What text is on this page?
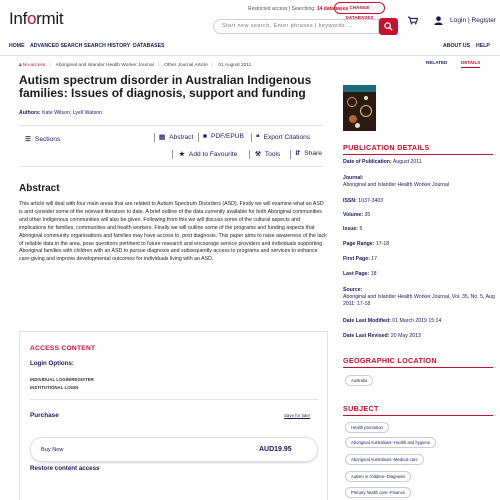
Informit	Restricted access | Searching: 14 databases CHANGE DATABASES
Start new search. Enter phrases | keywords ...
Login | Register
HOME ADVANCED SEARCH SEARCH HISTORY DATABASES	ABOUT US HELP
🔒︎ No access | Aboriginal and Islander Health Worker Journal | Other Journal Article | 01 August 2011
Autism spectrum disorder in Australian Indigenous families: Issues of diagnosis, support and funding
Authors: Kate Wilson; Lyell Watson
☰ Sections	▤ Abstract ■ PDF/EPUB ❝ Export Citations
★ Add to Favourite	⚒ Tools ⮃ Share
Abstract
This article will deal with four main areas that are related to Autism Spectrum Disorders (ASD). Firstly we will examine what an ASD is and consider some of the relevant literature to date. A brief outline of the data currently available for both Aboriginal communities and other Indigenous communities will also be given. Following from this we will discuss some of the cultural aspects and implications for families, communities and health workers. Finally we will outline some of the programs and funding aspects that Aboriginal community organisations and families may have access to, post diagnosis. This paper aims to raise awareness of the lack of reliable data in the area, pose questions pertinent to future research and encourage service providers and individuals supporting Aboriginal families with children with an ASD to pursue diagnosis and subsequently access to programs and services to enhance care-giving and improve developmental outcomes for individuals living with an ASD.
ACCESS CONTENT
Login Options:
INDIVIDUAL LOGIN/REGISTER
INSTITUTIONAL LOGIN
Purchase	Save for later
Buy Now	AUD19.95
Restore content access
RELATED	DETAILS
PUBLICATION DETAILS
Date of Publication: August 2011
Journal:
Aboriginal and Islander Health Worker Journal
ISSN: 1037-3403
Volume: 35
Issue: 5
Page Range: 17-18
First Page: 17
Last Page: 18
Source:
Aboriginal and Islander Health Worker Journal, Vol. 35, No. 5, Aug 2011: 17-18
Date Last Modified: 01 March 2019 15:14
Date Last Revised: 20 May 2013
GEOGRAPHIC LOCATION
Australia
SUBJECT
Health promotion
Aboriginal Australians--Health and hygiene
Aboriginal Australians--Medical care
Autism in children--Diagnosis
Primary health care--Finance
